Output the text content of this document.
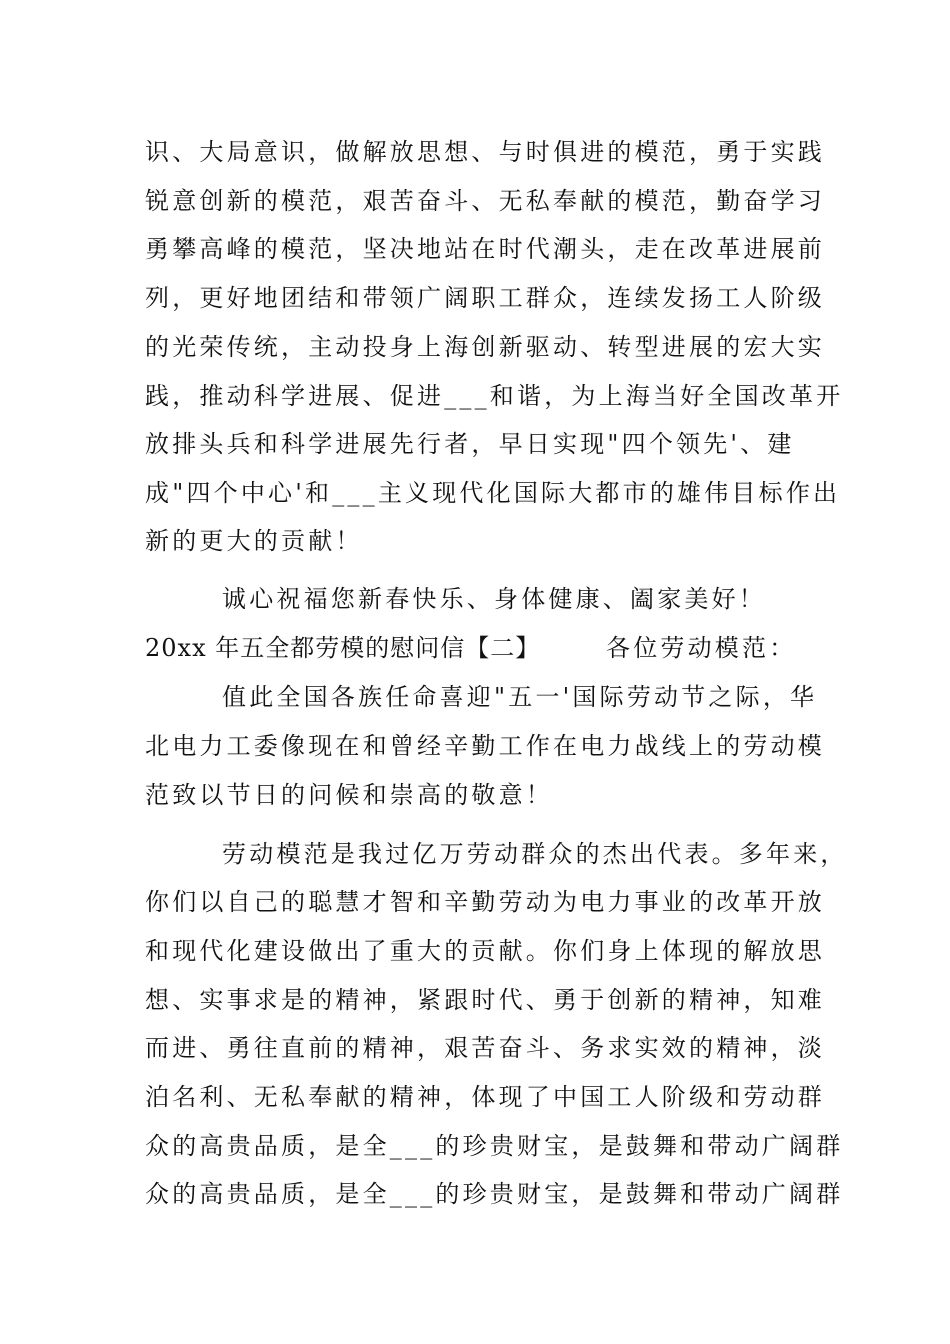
识、大局意识，做解放思想、与时俱进的模范，勇于实践
锐意创新的模范，艰苦奋斗、无私奉献的模范，勤奋学习
勇攀高峰的模范，坚决地站在时代潮头，走在改革进展前
列，更好地团结和带领广阔职工群众，连续发扬工人阶级
的光荣传统，主动投身上海创新驱动、转型进展的宏大实
践，推动科学进展、促进___和谐，为上海当好全国改革开
放排头兵和科学进展先行者，早日实现"四个领先'、建
成"四个中心'和___主义现代化国际大都市的雄伟目标作出
新的更大的贡献！
诚心祝福您新春快乐、身体健康、阖家美好！
20xx 年五全都劳模的慰问信【二】	各位劳动模范：
值此全国各族任命喜迎"五一'国际劳动节之际，华
北电力工委像现在和曾经辛勤工作在电力战线上的劳动模
范致以节日的问候和崇高的敬意！
劳动模范是我过亿万劳动群众的杰出代表。多年来，
你们以自己的聪慧才智和辛勤劳动为电力事业的改革开放
和现代化建设做出了重大的贡献。你们身上体现的解放思
想、实事求是的精神，紧跟时代、勇于创新的精神，知难
而进、勇往直前的精神，艰苦奋斗、务求实效的精神，淡
泊名利、无私奉献的精神，体现了中国工人阶级和劳动群
众的高贵品质，是全___的珍贵财宝，是鼓舞和带动广阔群
众的高贵品质，是全___的珍贵财宝，是鼓舞和带动广阔群
